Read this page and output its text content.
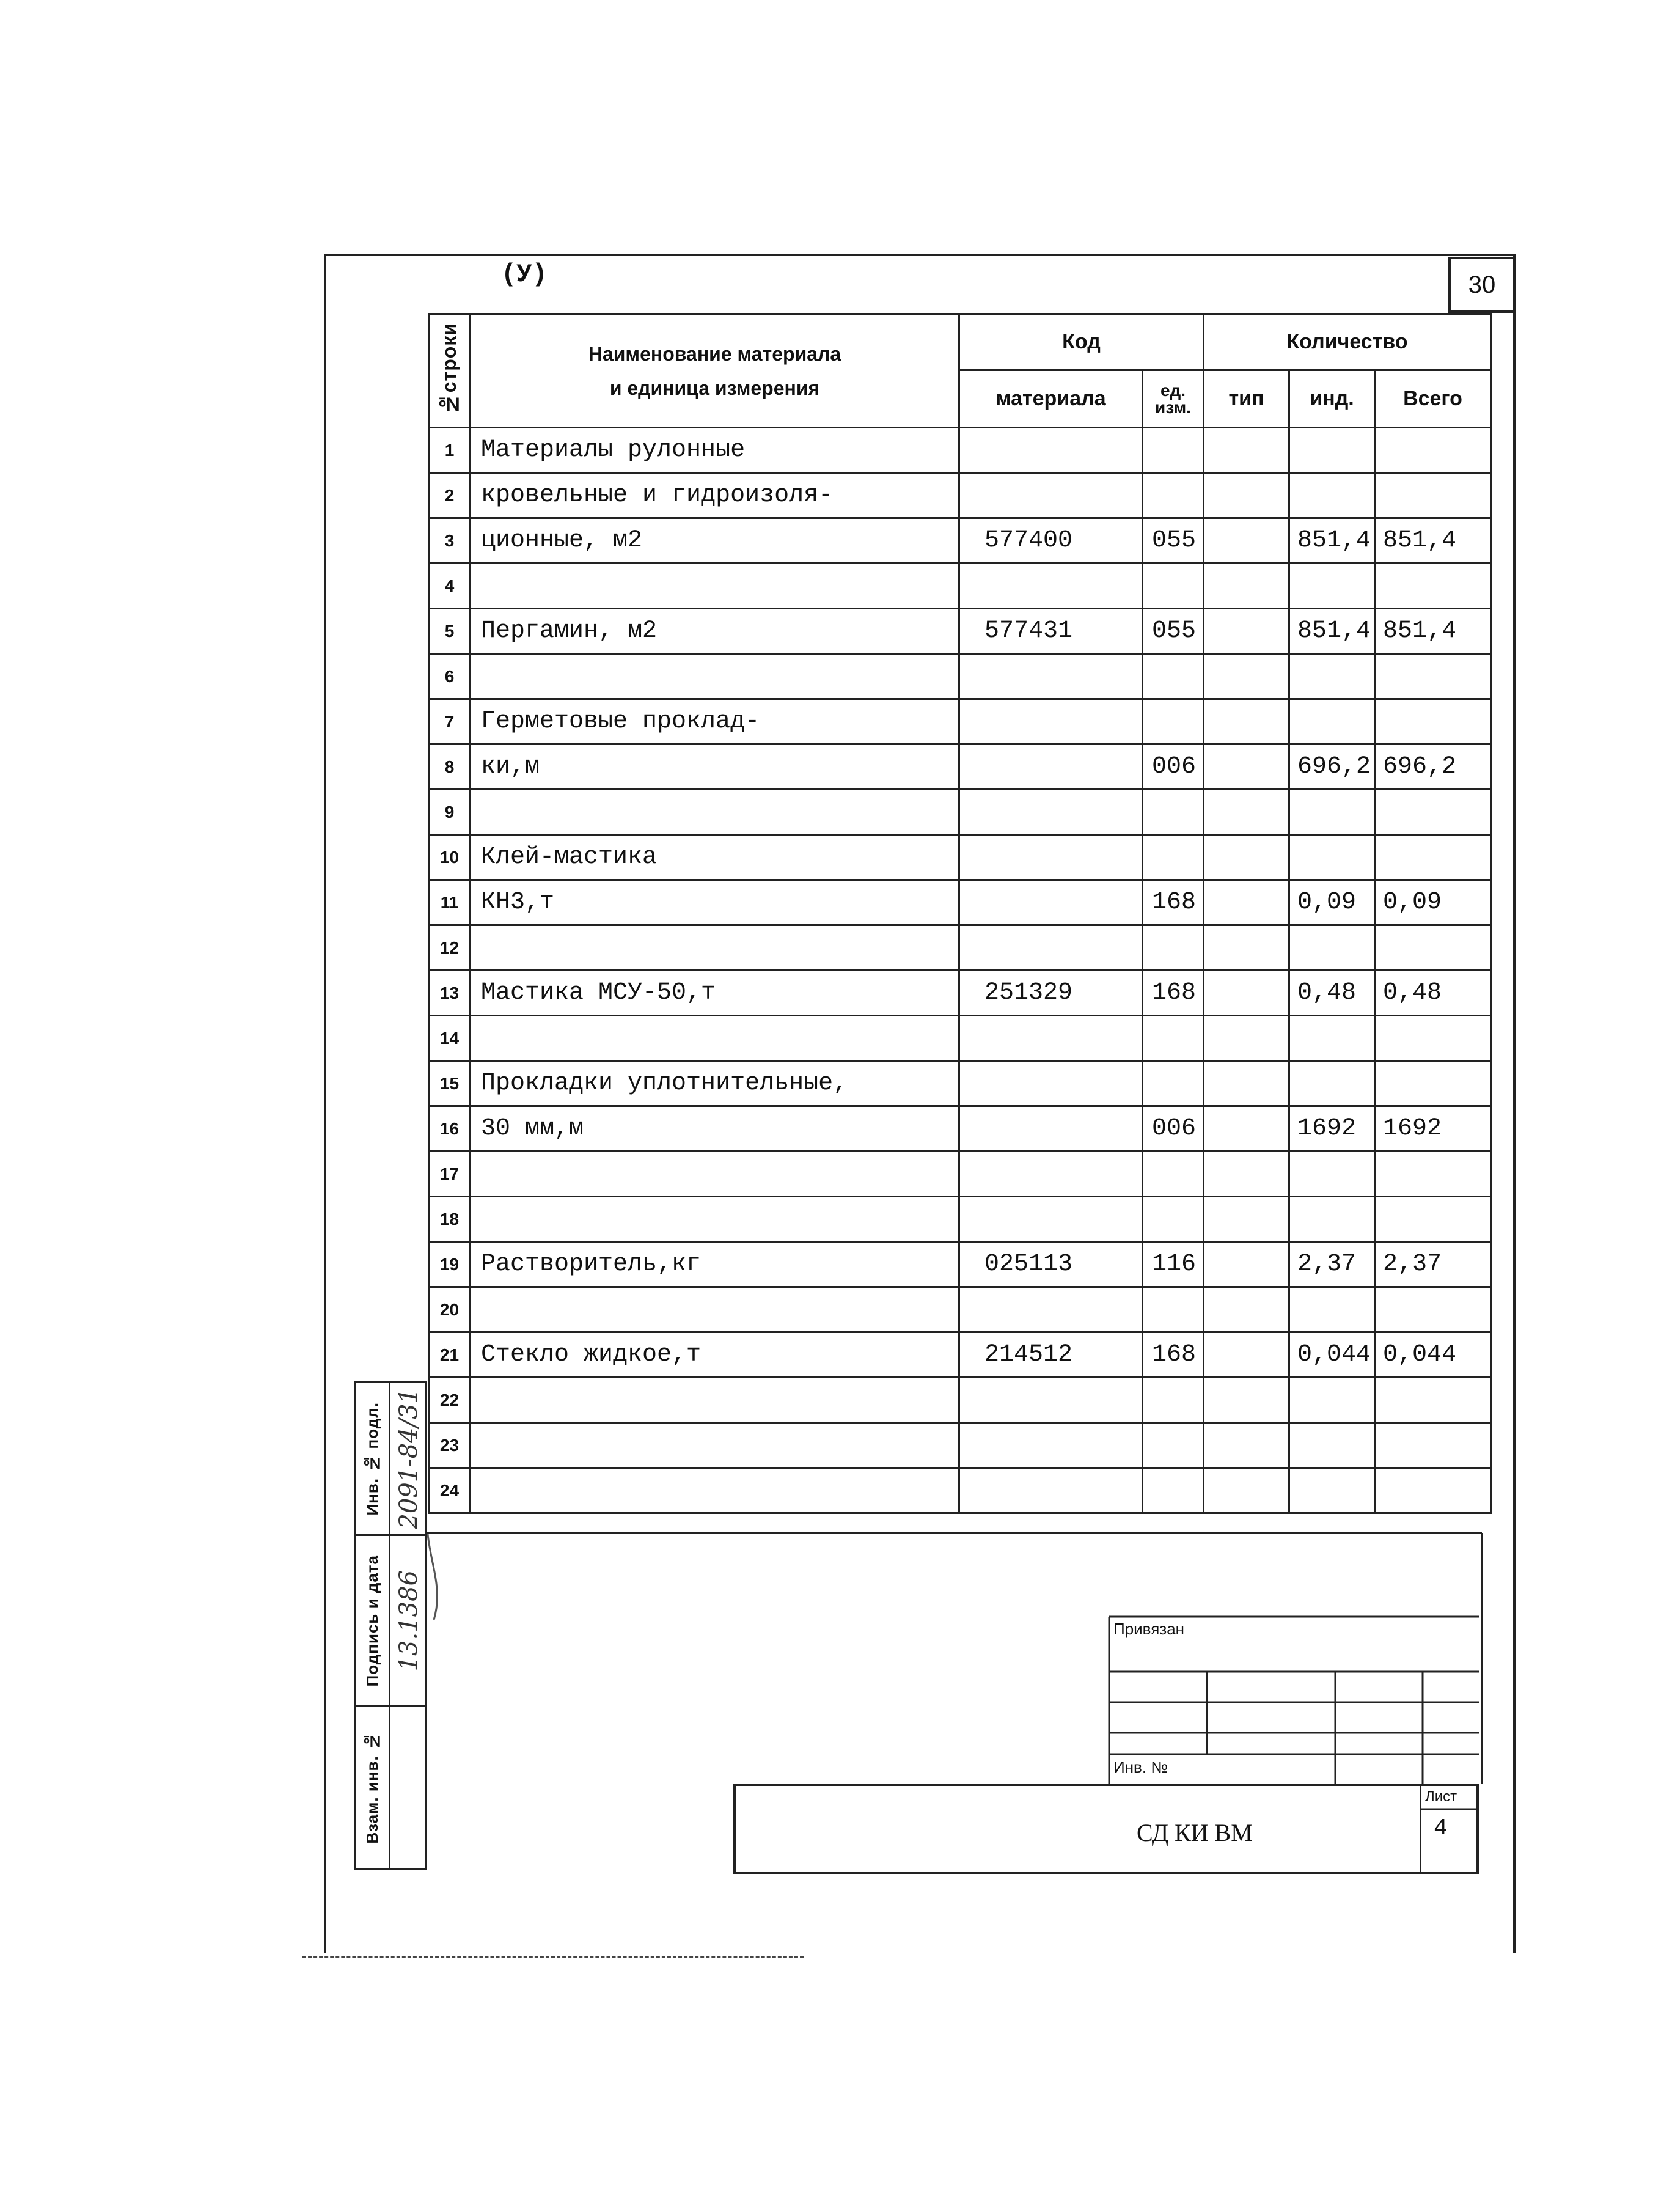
(У)	30
№строки	Наименование материала
и единица измерения	Код		Количество		
		материала	ед. изм.	тип	инд.	Всего
1	Материалы рулонные					
2	кровельные и гидроизоля-					
3	ционные, м2	577400	055		851,4	851,4
4						
5	Пергамин, м2	577431	055		851,4	851,4
6						
7	Герметовые проклад-					
8	ки,м		006		696,2	696,2
9						
10	Клей-мастика					
11	КН3,т		168		0,09	0,09
12						
13	Мастика МСУ-50,т	251329	168		0,48	0,48
14						
15	Прокладки уплотнительные,					
16	30 мм,м		006		1692	1692
17						
18						
19	Растворитель,кг	025113	116		2,37	2,37
20						
21	Стекло жидкое,т	214512	168		0,044	0,044
22						
23						
24						
Инв. № подл.
Подпись и дата
Взам. инв. №
2091-84/31
13.1386	Привязан
Инв. №
СД КИ ВМ
Лист
4
